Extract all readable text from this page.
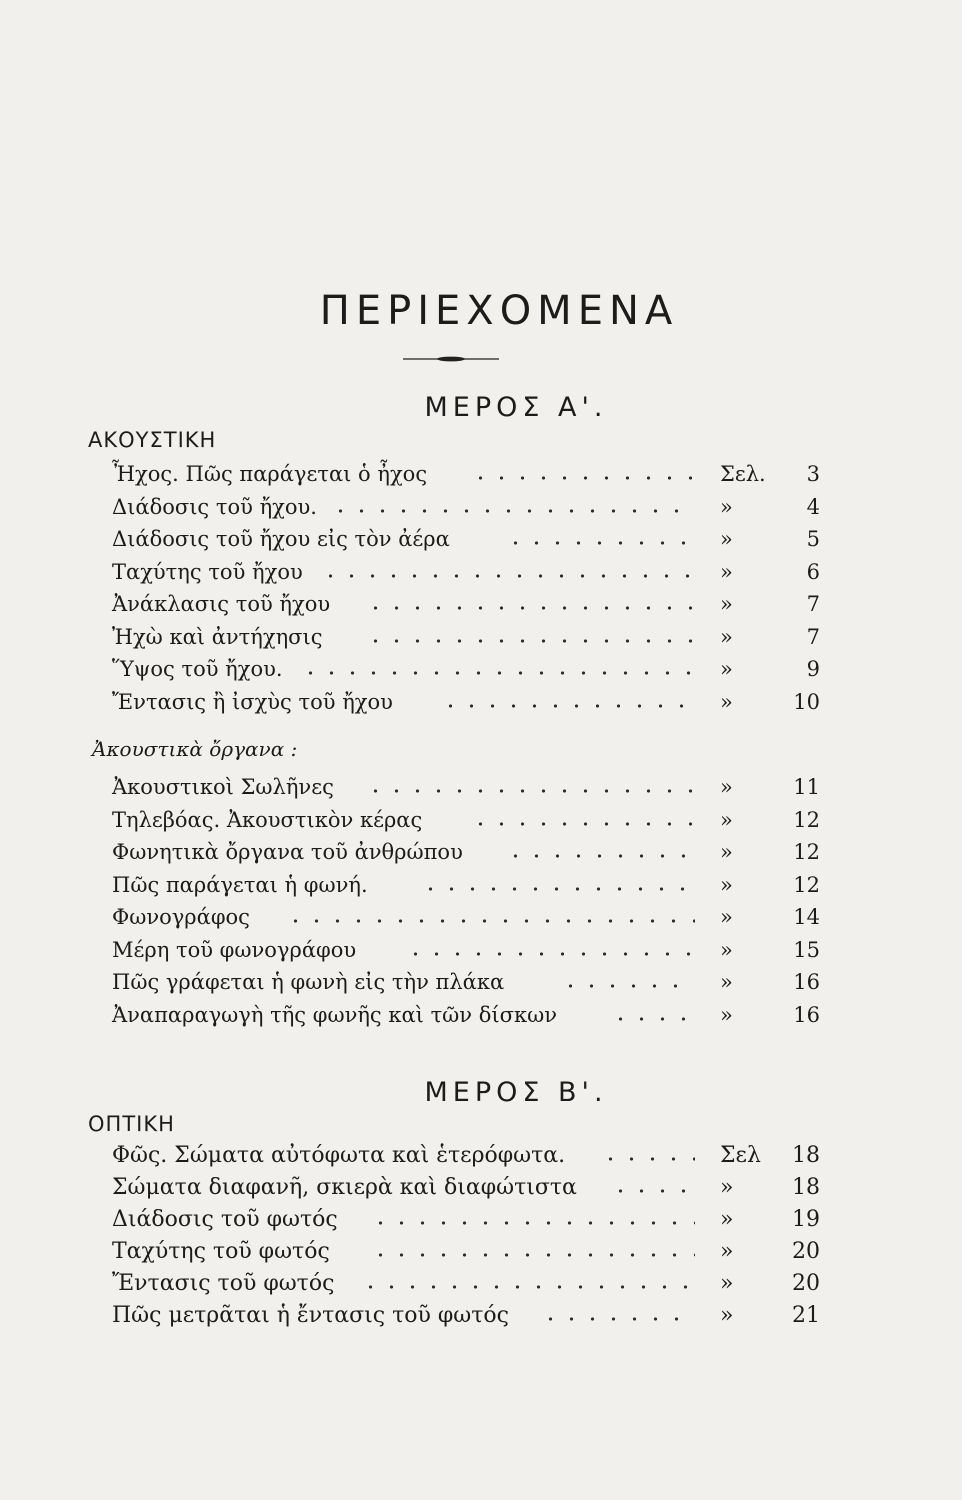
ΠΕΡΙΕΧΟΜΕΝΑ
ΜΕΡΟΣ Α'.
ΑΚΟΥΣΤΙΚΗ
Ἦχος. Πῶς παράγεται ὁ ἦχος	Σελ.	3
Διάδοσις τοῦ ἤχου.	»	4
Διάδοσις τοῦ ἤχου εἰς τὸν ἀέρα	»	5
Ταχύτης τοῦ ἤχου	»	6
Ἀνάκλασις τοῦ ἤχου	»	7
Ἠχὼ καὶ ἀντήχησις	»	7
Ὕψος τοῦ ἤχου.	»	9
Ἔντασις ἢ ἰσχὺς τοῦ ἤχου	»	10

Ἀκουστικὰ ὄργανα :

Ἀκουστικοὶ Σωλῆνες	»	11
Τηλεβόας. Ἀκουστικὸν κέρας	»	12
Φωνητικὰ ὄργανα τοῦ ἀνθρώπου	»	12
Πῶς παράγεται ἡ φωνή.	»	12
Φωνογράφος	»	14
Μέρη τοῦ φωνογράφου	»	15
Πῶς γράφεται ἡ φωνὴ εἰς τὴν πλάκα	»	16
Ἀναπαραγωγὴ τῆς φωνῆς καὶ τῶν δίσκων	»	16
ΜΕΡΟΣ Β'.
ΟΠΤΙΚΗ
Φῶς. Σώματα αὐτόφωτα καὶ ἑτερόφωτα.	Σελ	18
Σώματα διαφανῆ, σκιερὰ καὶ διαφώτιστα	»	18
Διάδοσις τοῦ φωτός	»	19
Ταχύτης τοῦ φωτός	»	20
Ἔντασις τοῦ φωτός	»	20
Πῶς μετρᾶται ἡ ἔντασις τοῦ φωτός	»	21
